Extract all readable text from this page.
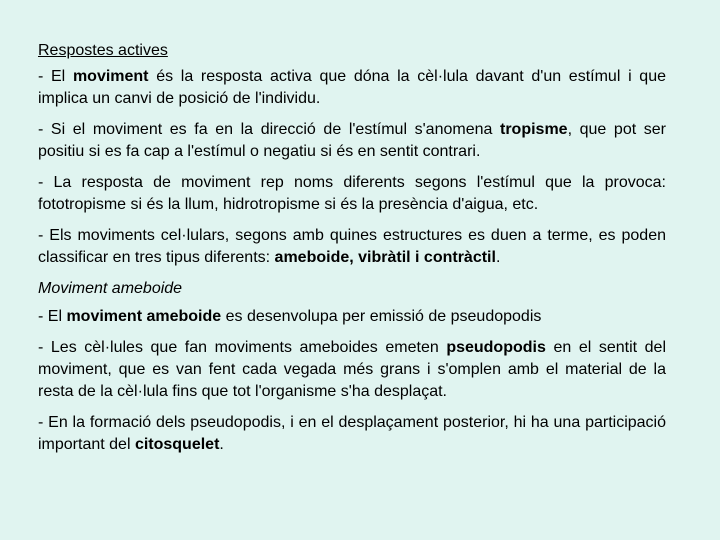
Respostes actives

- El moviment és la resposta activa que dóna la cèl·lula davant d'un estímul i que implica un canvi de posició de l'individu.

- Si el moviment es fa en la direcció de l'estímul s'anomena tropisme, que pot ser positiu si es fa cap a l'estímul o negatiu si és en sentit contrari.

- La resposta de moviment rep noms diferents segons l'estímul que la provoca: fototropisme si és la llum, hidrotropisme si és la presència d'aigua, etc.

- Els moviments cel·lulars, segons amb quines estructures es duen a terme, es poden classificar en tres tipus diferents: ameboide, vibràtil i contràctil.

Moviment ameboide

- El moviment ameboide es desenvolupa per emissió de pseudopodis

- Les cèl·lules que fan moviments ameboides emeten pseudopodis en el sentit del moviment, que es van fent cada vegada més grans i s'omplen amb el material de la resta de la cèl·lula fins que tot l'organisme s'ha desplaçat.

- En la formació dels pseudopodis, i en el desplaçament posterior, hi ha una participació important del citosquelet.
